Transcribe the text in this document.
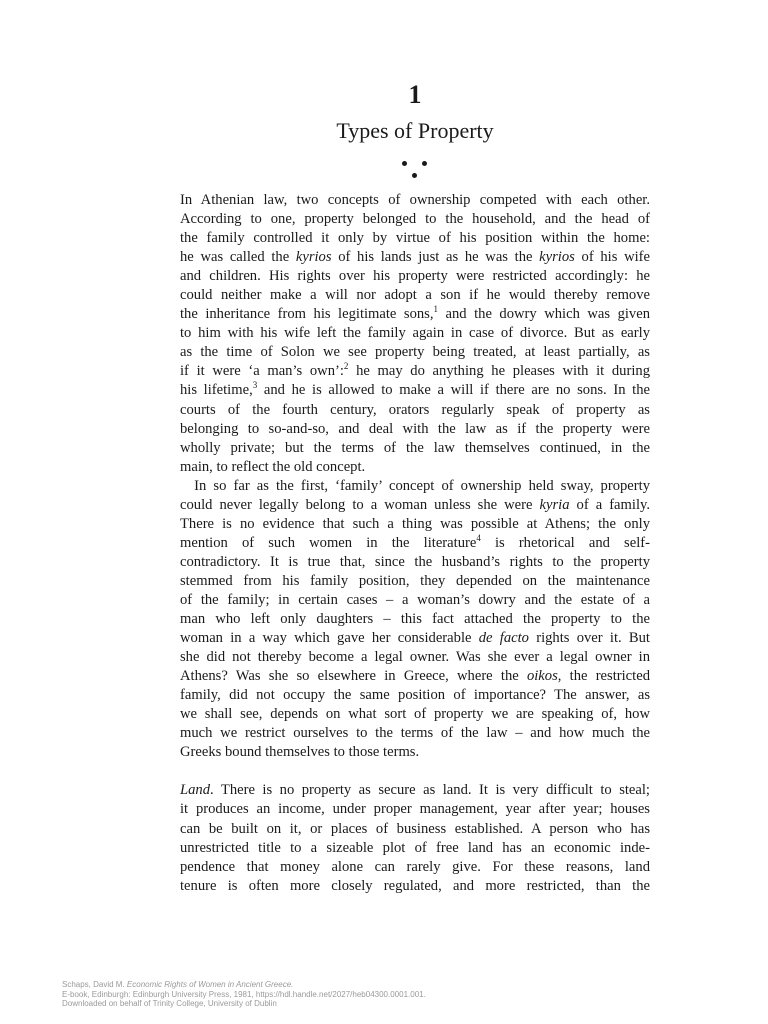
1
Types of Property
In Athenian law, two concepts of ownership competed with each other.
According to one, property belonged to the household, and the head of
the family controlled it only by virtue of his position within the home:
he was called the kyrios of his lands just as he was the kyrios of his wife
and children. His rights over his property were restricted accordingly: he
could neither make a will nor adopt a son if he would thereby remove
the inheritance from his legitimate sons,$^1$ and the dowry which was given
to him with his wife left the family again in case of divorce. But as early
as the time of Solon we see property being treated, at least partially, as
if it were ‘a man’s own’:$^2$ he may do anything he pleases with it during
his lifetime,$^3$ and he is allowed to make a will if there are no sons. In the
courts of the fourth century, orators regularly speak of property as
belonging to so-and-so, and deal with the law as if the property were
wholly private; but the terms of the law themselves continued, in the
main, to reflect the old concept.
In so far as the first, ‘family’ concept of ownership held sway, property
could never legally belong to a woman unless she were kyria of a family.
There is no evidence that such a thing was possible at Athens; the only
mention of such women in the literature$^4$ is rhetorical and self-
contradictory. It is true that, since the husband’s rights to the property
stemmed from his family position, they depended on the maintenance
of the family; in certain cases – a woman’s dowry and the estate of a
man who left only daughters – this fact attached the property to the
woman in a way which gave her considerable de facto rights over it. But
she did not thereby become a legal owner. Was she ever a legal owner in
Athens? Was she so elsewhere in Greece, where the oikos, the restricted
family, did not occupy the same position of importance? The answer, as
we shall see, depends on what sort of property we are speaking of, how
much we restrict ourselves to the terms of the law – and how much the
Greeks bound themselves to those terms.
Land. There is no property as secure as land. It is very difficult to steal;
it produces an income, under proper management, year after year; houses
can be built on it, or places of business established. A person who has
unrestricted title to a sizeable plot of free land has an economic inde-
pendence that money alone can rarely give. For these reasons, land
tenure is often more closely regulated, and more restricted, than the
Schaps, David M. Economic Rights of Women in Ancient Greece.
E-book, Edinburgh: Edinburgh University Press, 1981, https://hdl.handle.net/2027/heb04300.0001.001.
Downloaded on behalf of Trinity College, University of Dublin
